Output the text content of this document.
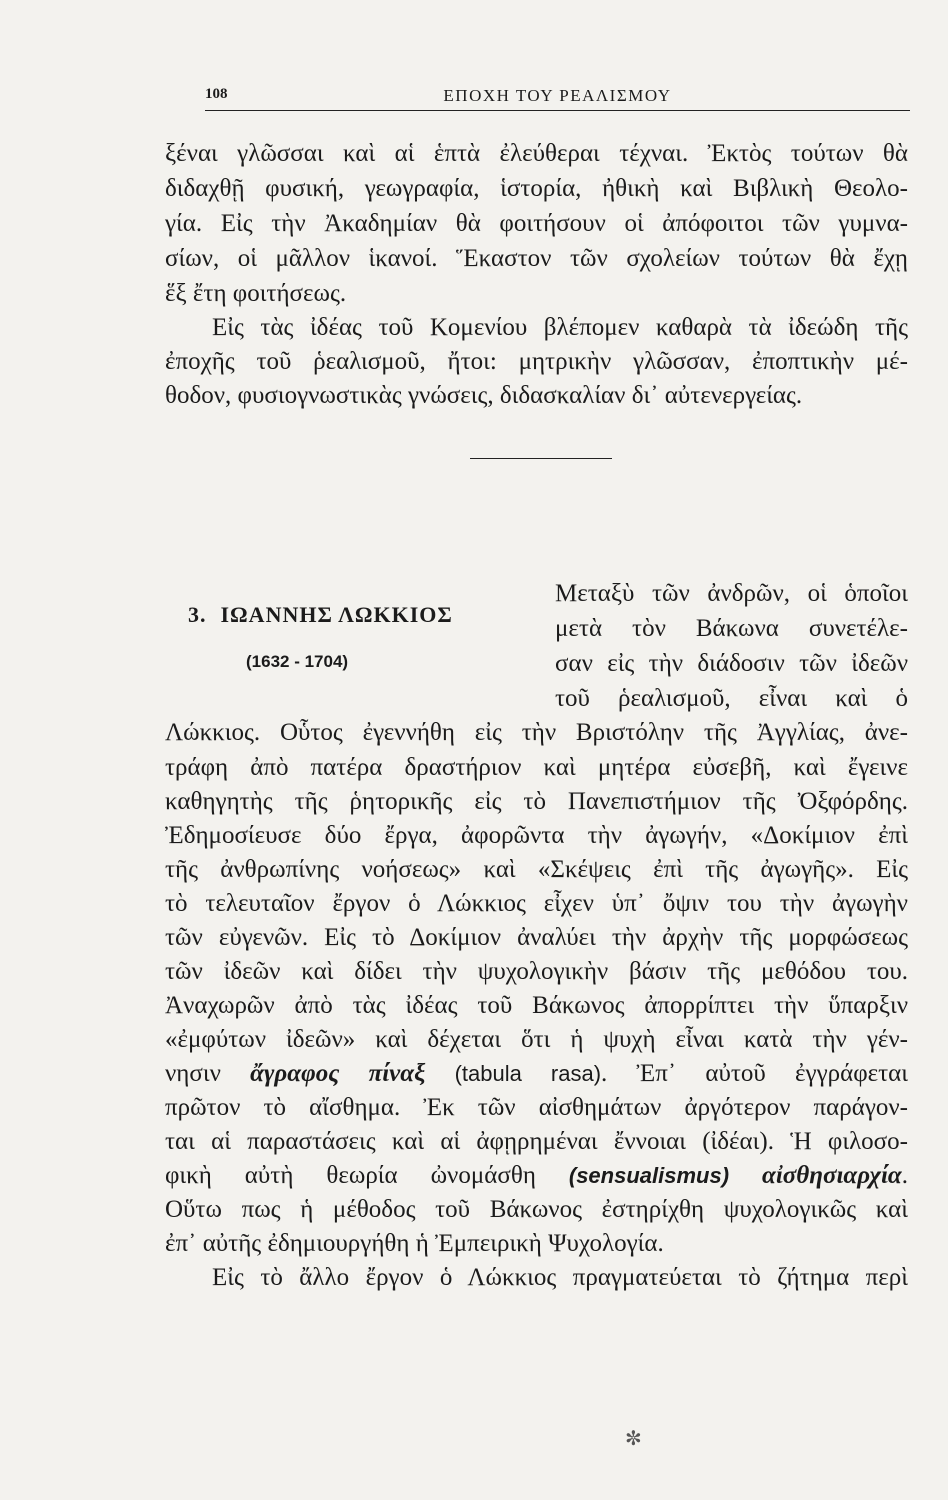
108	ΕΠΟΧΗ ΤΟΥ ΡΕΑΛΙΣΜΟΥ
ξέναι γλῶσσαι καὶ αἱ ἑπτὰ ἐλεύθεραι τέχναι. Ἐκτὸς τούτων θὰ
διδαχθῇ φυσική, γεωγραφία, ἱστορία, ἠθικὴ καὶ Βιβλικὴ Θεολο-
γία. Εἰς τὴν Ἀκαδημίαν θὰ φοιτήσουν οἱ ἀπόφοιτοι τῶν γυμνα-
σίων, οἱ μᾶλλον ἱκανοί. Ἕκαστον τῶν σχολείων τούτων θὰ ἔχῃ
ἕξ ἔτη φοιτήσεως.
Εἰς τὰς ἰδέας τοῦ Κομενίου βλέπομεν καθαρὰ τὰ ἰδεώδη τῆς
ἐποχῆς τοῦ ῥεαλισμοῦ, ἤτοι: μητρικὴν γλῶσσαν, ἐποπτικὴν μέ-
θοδον, φυσιογνωστικὰς γνώσεις, διδασκαλίαν δι᾿ αὐτενεργείας.
3. ΙΩΑΝΝΗΣ ΛΩΚΚΙΟΣ
(1632 - 1704)
Μεταξὺ τῶν ἀνδρῶν, οἱ ὁποῖοι
μετὰ τὸν Βάκωνα συνετέλε-
σαν εἰς τὴν διάδοσιν τῶν ἰδεῶν
τοῦ ῥεαλισμοῦ, εἶναι καὶ ὁ
Λώκκιος. Οὗτος ἐγεννήθη εἰς τὴν Βριστόλην τῆς Ἀγγλίας, ἀνε-
τράφη ἀπὸ πατέρα δραστήριον καὶ μητέρα εὐσεβῆ, καὶ ἔγεινε
καθηγητὴς τῆς ῥητορικῆς εἰς τὸ Πανεπιστήμιον τῆς Ὀξφόρδης.
Ἐδημοσίευσε δύο ἔργα, ἀφορῶντα τὴν ἀγωγήν, «Δοκίμιον ἐπὶ
τῆς ἀνθρωπίνης νοήσεως» καὶ «Σκέψεις ἐπὶ τῆς ἀγωγῆς». Εἰς
τὸ τελευταῖον ἔργον ὁ Λώκκιος εἶχεν ὑπ᾿ ὄψιν του τὴν ἀγωγὴν
τῶν εὐγενῶν. Εἰς τὸ Δοκίμιον ἀναλύει τὴν ἀρχὴν τῆς μορφώσεως
τῶν ἰδεῶν καὶ δίδει τὴν ψυχολογικὴν βάσιν τῆς μεθόδου του.
Ἀναχωρῶν ἀπὸ τὰς ἰδέας τοῦ Βάκωνος ἀπορρίπτει τὴν ὕπαρξιν
«ἐμφύτων ἰδεῶν» καὶ δέχεται ὅτι ἡ ψυχὴ εἶναι κατὰ τὴν γέν-
νησιν ἄγραφος πίναξ (tabula rasa). Ἐπ᾿ αὐτοῦ ἐγγράφεται
πρῶτον τὸ αἴσθημα. Ἐκ τῶν αἰσθημάτων ἀργότερον παράγον-
ται αἱ παραστάσεις καὶ αἱ ἀφῃρημέναι ἔννοιαι (ἰδέαι). Ἡ φιλοσο-
φικὴ αὐτὴ θεωρία ὠνομάσθη (sensualismus) αἰσθησιαρχία.
Οὕτω πως ἡ μέθοδος τοῦ Βάκωνος ἐστηρίχθη ψυχολογικῶς καὶ
ἐπ᾿ αὐτῆς ἐδημιουργήθη ἡ Ἐμπειρικὴ Ψυχολογία.
Εἰς τὸ ἄλλο ἔργον ὁ Λώκκιος πραγματεύεται τὸ ζήτημα περὶ
✼
